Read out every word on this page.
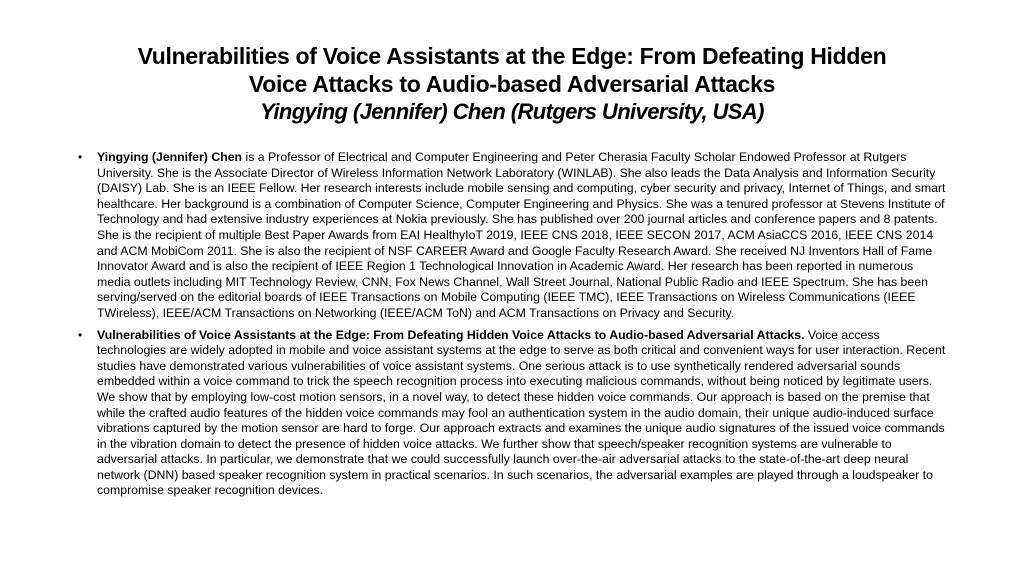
Vulnerabilities of Voice Assistants at the Edge: From Defeating Hidden
Voice Attacks to Audio-based Adversarial Attacks
Yingying (Jennifer) Chen (Rutgers University, USA)
• Yingying (Jennifer) Chen is a Professor of Electrical and Computer Engineering and Peter Cherasia Faculty Scholar Endowed Professor at Rutgers University. She is the Associate Director of Wireless Information Network Laboratory (WINLAB). She also leads the Data Analysis and Information Security (DAISY) Lab. She is an IEEE Fellow. Her research interests include mobile sensing and computing, cyber security and privacy, Internet of Things, and smart healthcare. Her background is a combination of Computer Science, Computer Engineering and Physics. She was a tenured professor at Stevens Institute of Technology and had extensive industry experiences at Nokia previously. She has published over 200 journal articles and conference papers and 8 patents. She is the recipient of multiple Best Paper Awards from EAI HealthyIoT 2019, IEEE CNS 2018, IEEE SECON 2017, ACM AsiaCCS 2016, IEEE CNS 2014 and ACM MobiCom 2011. She is also the recipient of NSF CAREER Award and Google Faculty Research Award. She received NJ Inventors Hall of Fame Innovator Award and is also the recipient of IEEE Region 1 Technological Innovation in Academic Award. Her research has been reported in numerous media outlets including MIT Technology Review, CNN, Fox News Channel, Wall Street Journal, National Public Radio and IEEE Spectrum. She has been serving/served on the editorial boards of IEEE Transactions on Mobile Computing (IEEE TMC), IEEE Transactions on Wireless Communications (IEEE TWireless), IEEE/ACM Transactions on Networking (IEEE/ACM ToN) and ACM Transactions on Privacy and Security.
• Vulnerabilities of Voice Assistants at the Edge: From Defeating Hidden Voice Attacks to Audio-based Adversarial Attacks. Voice access technologies are widely adopted in mobile and voice assistant systems at the edge to serve as both critical and convenient ways for user interaction. Recent studies have demonstrated various vulnerabilities of voice assistant systems. One serious attack is to use synthetically rendered adversarial sounds embedded within a voice command to trick the speech recognition process into executing malicious commands, without being noticed by legitimate users. We show that by employing low-cost motion sensors, in a novel way, to detect these hidden voice commands. Our approach is based on the premise that while the crafted audio features of the hidden voice commands may fool an authentication system in the audio domain, their unique audio-induced surface vibrations captured by the motion sensor are hard to forge. Our approach extracts and examines the unique audio signatures of the issued voice commands in the vibration domain to detect the presence of hidden voice attacks. We further show that speech/speaker recognition systems are vulnerable to adversarial attacks. In particular, we demonstrate that we could successfully launch over-the-air adversarial attacks to the state-of-the-art deep neural network (DNN) based speaker recognition system in practical scenarios. In such scenarios, the adversarial examples are played through a loudspeaker to compromise speaker recognition devices.
